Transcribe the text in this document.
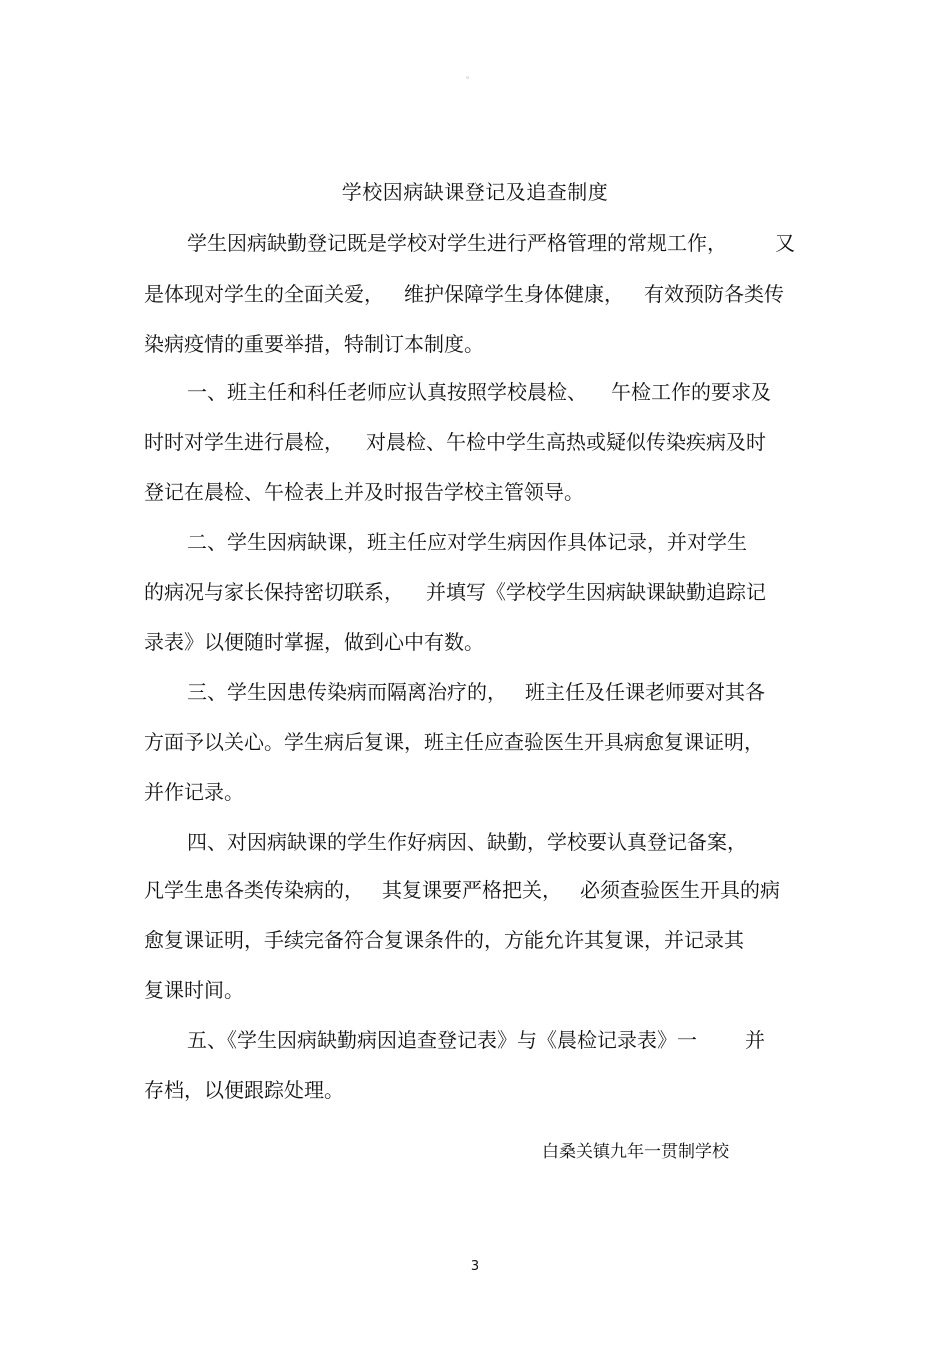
。
学校因病缺课登记及追查制度
学生因病缺勤登记既是学校对学生进行严格管理的常规工作， 又
是体现对学生的全面关爱， 维护保障学生身体健康， 有效预防各类传
染病疫情的重要举措，特制订本制度。
一、班主任和科任老师应认真按照学校晨检、 午检工作的要求及
时时对学生进行晨检， 对晨检、午检中学生高热或疑似传染疾病及时
登记在晨检、午检表上并及时报告学校主管领导。
二、学生因病缺课，班主任应对学生病因作具体记录，并对学生
的病况与家长保持密切联系， 并填写《学校学生因病缺课缺勤追踪记
录表》以便随时掌握，做到心中有数。
三、学生因患传染病而隔离治疗的， 班主任及任课老师要对其各
方面予以关心。学生病后复课，班主任应查验医生开具病愈复课证明，
并作记录。
四、对因病缺课的学生作好病因、缺勤，学校要认真登记备案，
凡学生患各类传染病的， 其复课要严格把关， 必须查验医生开具的病
愈复课证明，手续完备符合复课条件的，方能允许其复课，并记录其
复课时间。
五、《学生因病缺勤病因追查登记表》与《晨检记录表》一 并
存档，以便跟踪处理。
白桑关镇九年一贯制学校
3
